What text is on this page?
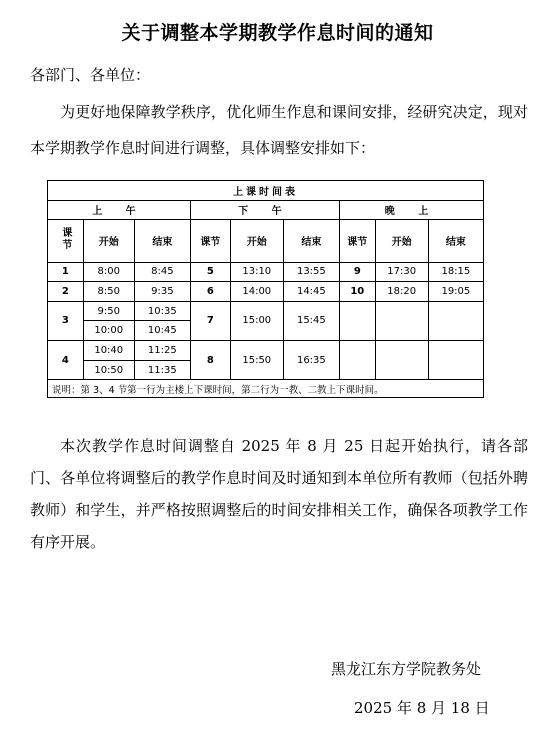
关于调整本学期教学作息时间的通知
各部门、各单位：
为更好地保障教学秩序，优化师生作息和课间安排，经研究决定，现对本学期教学作息时间进行调整，具体调整安排如下：
上课时间表								
上 午			下 午			晚 上		
课节	开始	结束	课节	开始	结束	课节	开始	结束
1	8:00	8:45	5	13:10	13:55	9	17:30	18:15
2	8:50	9:35	6	14:00	14:45	10	18:20	19:05
3	9:50	10:35	7	15:00	15:45			
	10:00	10:45						
4	10:40	11:25	8	15:50	16:35			
	10:50	11:35						
说明：第 3、4 节第一行为主楼上下课时间，第二行为一教、二教上下课时间。								
本次教学作息时间调整自 2025 年 8 月 25 日起开始执行，请各部门、各单位将调整后的教学作息时间及时通知到本单位所有教师（包括外聘教师）和学生，并严格按照调整后的时间安排相关工作，确保各项教学工作有序开展。
黑龙江东方学院教务处
2025 年 8 月 18 日
